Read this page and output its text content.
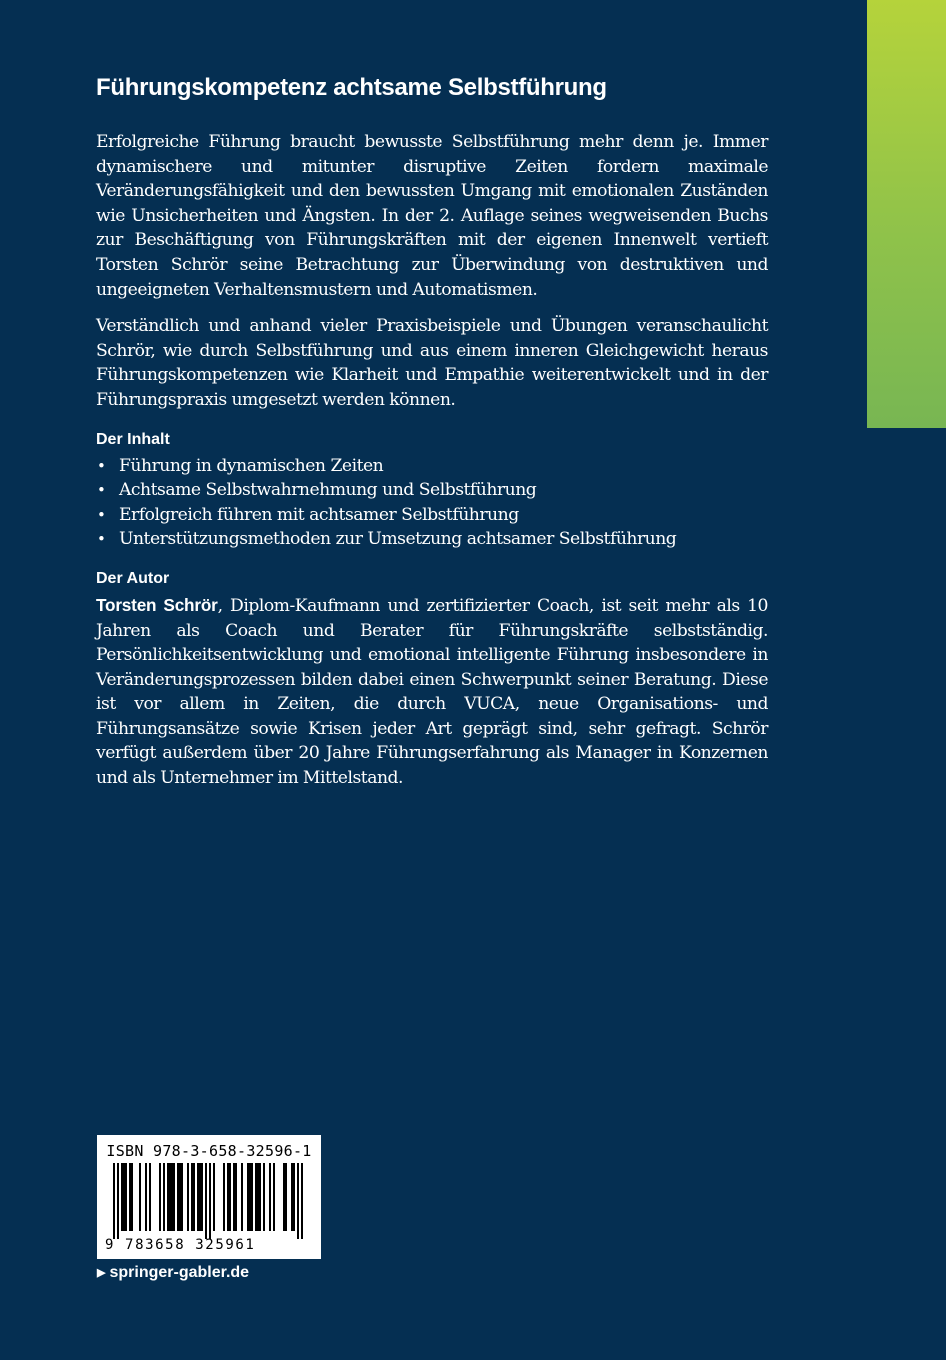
Führungskompetenz achtsame Selbstführung

Erfolgreiche Führung braucht bewusste Selbstführung mehr denn je. Immer dynamischere und mitunter disruptive Zeiten fordern maximale Veränderungsfähigkeit und den bewussten Umgang mit emotionalen Zuständen wie Unsicherheiten und Ängsten. In der 2. Auflage seines wegweisenden Buchs zur Beschäftigung von Führungskräften mit der eigenen Innenwelt vertieft Torsten Schrör seine Betrachtung zur Überwindung von destruktiven und ungeeigneten Verhaltensmustern und Automatismen.

Verständlich und anhand vieler Praxisbeispiele und Übungen veranschaulicht Schrör, wie durch Selbstführung und aus einem inneren Gleichgewicht heraus Führungskompetenzen wie Klarheit und Empathie weiterentwickelt und in der Führungspraxis umgesetzt werden können.

Der Inhalt
• Führung in dynamischen Zeiten
• Achtsame Selbstwahrnehmung und Selbstführung
• Erfolgreich führen mit achtsamer Selbstführung
• Unterstützungsmethoden zur Umsetzung achtsamer Selbstführung
Der Autor

Torsten Schrör, Diplom-Kaufmann und zertifizierter Coach, ist seit mehr als 10 Jahren als Coach und Berater für Führungskräfte selbstständig. Persönlichkeitsentwicklung und emotional intelligente Führung insbesondere in Veränderungsprozessen bilden dabei einen Schwerpunkt seiner Beratung. Diese ist vor allem in Zeiten, die durch VUCA, neue Organisations- und Führungsansätze sowie Krisen jeder Art geprägt sind, sehr gefragt. Schrör verfügt außerdem über 20 Jahre Führungserfahrung als Manager in Konzernen und als Unternehmer im Mittelstand.

ISBN 978-3-658-32596-1
9 783658 325961
▶ springer-gabler.de
